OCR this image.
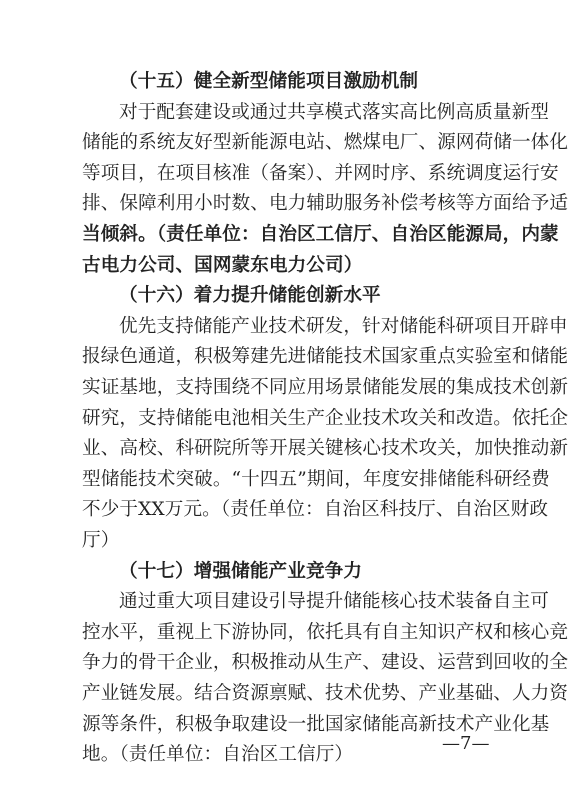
（十五）健全新型储能项目激励机制
对于配套建设或通过共享模式落实高比例高质量新型
储能的系统友好型新能源电站、燃煤电厂、源网荷储一体化
等项目，在项目核准（备案）、并网时序、系统调度运行安
排、保障利用小时数、电力辅助服务补偿考核等方面给予适
当倾斜。（责任单位：自治区工信厅、自治区能源局，内蒙
古电力公司、国网蒙东电力公司）
（十六）着力提升储能创新水平
优先支持储能产业技术研发，针对储能科研项目开辟申
报绿色通道，积极筹建先进储能技术国家重点实验室和储能
实证基地，支持围绕不同应用场景储能发展的集成技术创新
研究，支持储能电池相关生产企业技术攻关和改造。依托企
业、高校、科研院所等开展关键核心技术攻关，加快推动新
型储能技术突破。“十四五”期间，年度安排储能科研经费
不少于XX万元。（责任单位：自治区科技厅、自治区财政
厅）
（十七）增强储能产业竞争力
通过重大项目建设引导提升储能核心技术装备自主可
控水平，重视上下游协同，依托具有自主知识产权和核心竞
争力的骨干企业，积极推动从生产、建设、运营到回收的全
产业链发展。结合资源禀赋、技术优势、产业基础、人力资
源等条件，积极争取建设一批国家储能高新技术产业化基
地。（责任单位：自治区工信厅）
—7—
